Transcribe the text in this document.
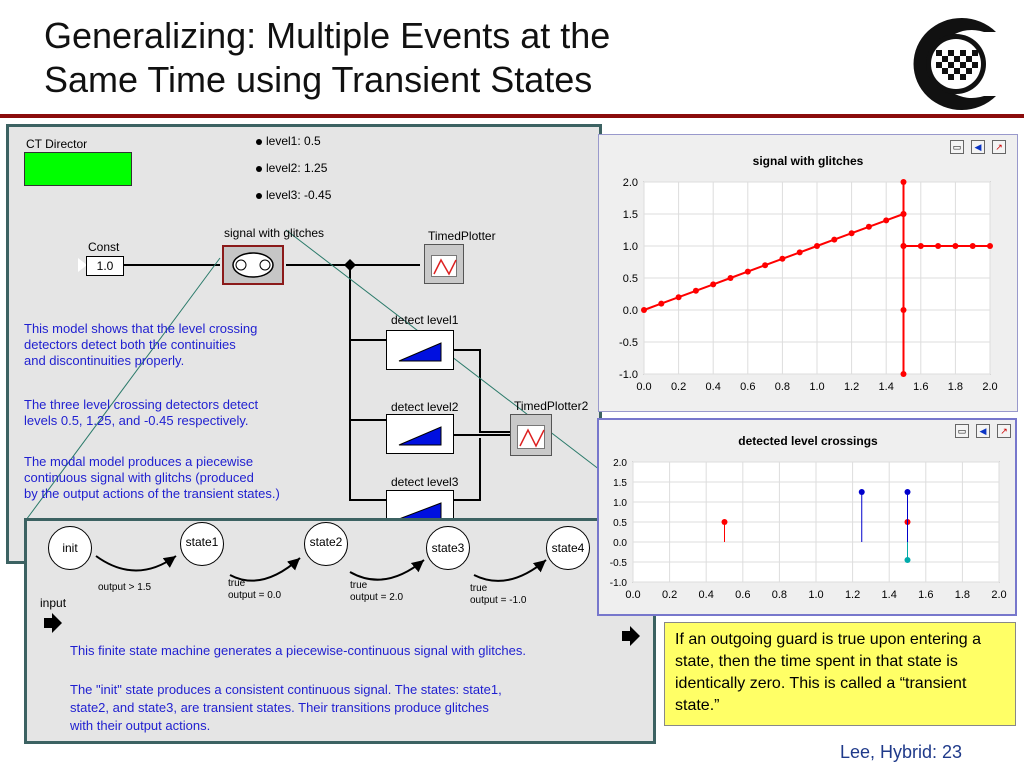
Generalizing: Multiple Events at the
Same Time using Transient States
CT Director	level1: 0.5
level2: 1.25
level3: -0.45
Const
1.0
signal with glitches	TimedPlotter
detect level1
detect level2
detect level3
TimedPlotter2
This model shows that the level crossing
detectors detect both the continuities
and discontinuities properly.
The three level crossing detectors detect
levels 0.5, 1.25, and -0.45 respectively.
The modal model produces a piecewise
continuous signal with glitchs (produced
by the output actions of the transient states.)
init	state1	state2	state3	state4
output > 1.5	true
output = 0.0
true
output = 2.0
true
output = -1.0
input
This finite state machine generates a piecewise-continuous signal with glitches.
The "init" state produces a consistent continuous signal. The states: state1,
state2, and state3, are transient states. Their transitions produce glitches
with their output actions.
▭	◀	↗
signal with glitches
0.0 0.2 0.4 0.6 0.8 1.0 1.2 1.4 1.6 1.8 2.0
2.0
1.5
1.0
0.5
0.0
-0.5
-1.0
▭	◀	↗
detected level crossings
0.0 0.2 0.4 0.6 0.8 1.0 1.2 1.4 1.6 1.8 2.0
2.0
1.5
1.0
0.5
0.0
-0.5
-1.0
If an outgoing guard is true upon entering a state, then the time spent in that state is identically zero. This is called a “transient state.”
Lee, Hybrid: 23
